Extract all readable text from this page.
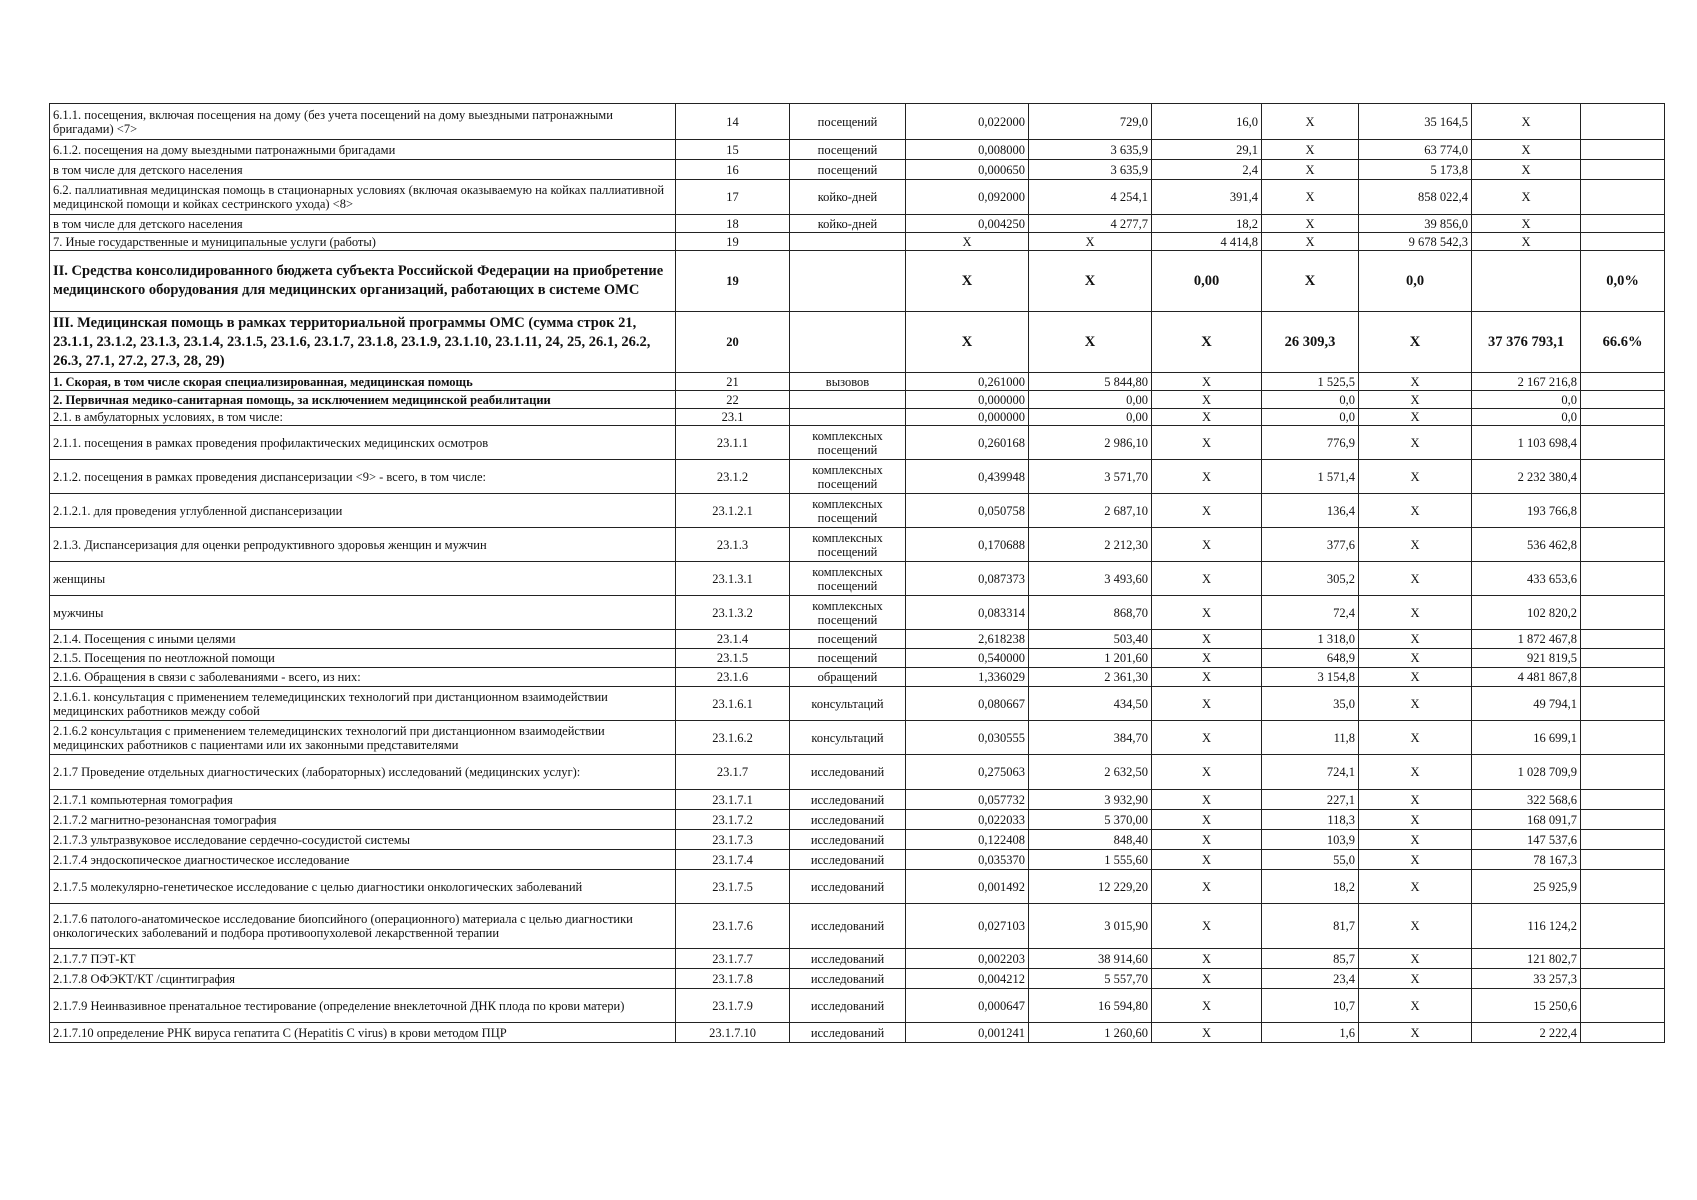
6.1.1. посещения, включая посещения на дому (без учета посещений на дому выездными патронажными бригадами) <7>	14	посещений	0,022000	729,0	16,0	X	35 164,5	X	
6.1.2. посещения на дому выездными патронажными бригадами	15	посещений	0,008000	3 635,9	29,1	X	63 774,0	X	
в том числе для детского населения	16	посещений	0,000650	3 635,9	2,4	X	5 173,8	X	
6.2. паллиативная медицинская помощь в стационарных условиях (включая оказываемую на койках паллиативной медицинской помощи и койках сестринского ухода) <8>	17	койко-дней	0,092000	4 254,1	391,4	X	858 022,4	X	
в том числе для детского населения	18	койко-дней	0,004250	4 277,7	18,2	X	39 856,0	X	
7. Иные государственные и муниципальные услуги (работы)	19		X	X	4 414,8	X	9 678 542,3	X	
II. Средства консолидированного бюджета субъекта Российской Федерации на приобретение медицинского оборудования для медицинских организаций, работающих в системе ОМС	19		X	X	0,00	X	0,0		0,0%
III. Медицинская помощь в рамках территориальной программы ОМС (сумма строк 21, 23.1.1, 23.1.2, 23.1.3, 23.1.4, 23.1.5, 23.1.6, 23.1.7, 23.1.8, 23.1.9, 23.1.10, 23.1.11, 24, 25, 26.1, 26.2, 26.3, 27.1, 27.2, 27.3, 28, 29)	20		X	X	X	26 309,3	X	37 376 793,1	66.6%
1. Скорая, в том числе скорая специализированная, медицинская помощь	21	вызовов	0,261000	5 844,80	X	1 525,5	X	2 167 216,8	
2. Первичная медико-санитарная помощь, за исключением медицинской реабилитации	22		0,000000	0,00	X	0,0	X	0,0	
2.1. в амбулаторных условиях, в том числе:	23.1		0,000000	0,00	X	0,0	X	0,0	
2.1.1. посещения в рамках проведения профилактических медицинских осмотров	23.1.1	комплексных посещений	0,260168	2 986,10	X	776,9	X	1 103 698,4	
2.1.2. посещения в рамках проведения диспансеризации <9> - всего, в том числе:	23.1.2	комплексных посещений	0,439948	3 571,70	X	1 571,4	X	2 232 380,4	
2.1.2.1. для проведения углубленной диспансеризации	23.1.2.1	комплексных посещений	0,050758	2 687,10	X	136,4	X	193 766,8	
2.1.3. Диспансеризация для оценки репродуктивного здоровья женщин и мужчин	23.1.3	комплексных посещений	0,170688	2 212,30	X	377,6	X	536 462,8	
женщины	23.1.3.1	комплексных посещений	0,087373	3 493,60	X	305,2	X	433 653,6	
мужчины	23.1.3.2	комплексных посещений	0,083314	868,70	X	72,4	X	102 820,2	
2.1.4. Посещения с иными целями	23.1.4	посещений	2,618238	503,40	X	1 318,0	X	1 872 467,8	
2.1.5. Посещения по неотложной помощи	23.1.5	посещений	0,540000	1 201,60	X	648,9	X	921 819,5	
2.1.6. Обращения в связи с заболеваниями - всего, из них:	23.1.6	обращений	1,336029	2 361,30	X	3 154,8	X	4 481 867,8	
2.1.6.1. консультация с применением телемедицинских технологий при дистанционном взаимодействии медицинских работников между собой	23.1.6.1	консультаций	0,080667	434,50	X	35,0	X	49 794,1	
2.1.6.2 консультация с применением телемедицинских технологий при дистанционном взаимодействии медицинских работников с пациентами или их законными представителями	23.1.6.2	консультаций	0,030555	384,70	X	11,8	X	16 699,1	
2.1.7 Проведение отдельных диагностических (лабораторных) исследований (медицинских услуг):	23.1.7	исследований	0,275063	2 632,50	X	724,1	X	1 028 709,9	
2.1.7.1 компьютерная томография	23.1.7.1	исследований	0,057732	3 932,90	X	227,1	X	322 568,6	
2.1.7.2 магнитно-резонансная томография	23.1.7.2	исследований	0,022033	5 370,00	X	118,3	X	168 091,7	
2.1.7.3 ультразвуковое исследование сердечно-сосудистой системы	23.1.7.3	исследований	0,122408	848,40	X	103,9	X	147 537,6	
2.1.7.4 эндоскопическое диагностическое исследование	23.1.7.4	исследований	0,035370	1 555,60	X	55,0	X	78 167,3	
2.1.7.5 молекулярно-генетическое исследование с целью диагностики онкологических заболеваний	23.1.7.5	исследований	0,001492	12 229,20	X	18,2	X	25 925,9	
2.1.7.6 патолого-анатомическое исследование биопсийного (операционного) материала с целью диагностики онкологических заболеваний и подбора противоопухолевой лекарственной терапии	23.1.7.6	исследований	0,027103	3 015,90	X	81,7	X	116 124,2	
2.1.7.7 ПЭТ-КТ	23.1.7.7	исследований	0,002203	38 914,60	X	85,7	X	121 802,7	
2.1.7.8 ОФЭКТ/КТ /сцинтиграфия	23.1.7.8	исследований	0,004212	5 557,70	X	23,4	X	33 257,3	
2.1.7.9 Неинвазивное пренатальное тестирование (определение внеклеточной ДНК плода по крови матери)	23.1.7.9	исследований	0,000647	16 594,80	X	10,7	X	15 250,6	
2.1.7.10 определение РНК вируса гепатита С (Hepatitis C virus) в крови методом ПЦР	23.1.7.10	исследований	0,001241	1 260,60	X	1,6	X	2 222,4	
